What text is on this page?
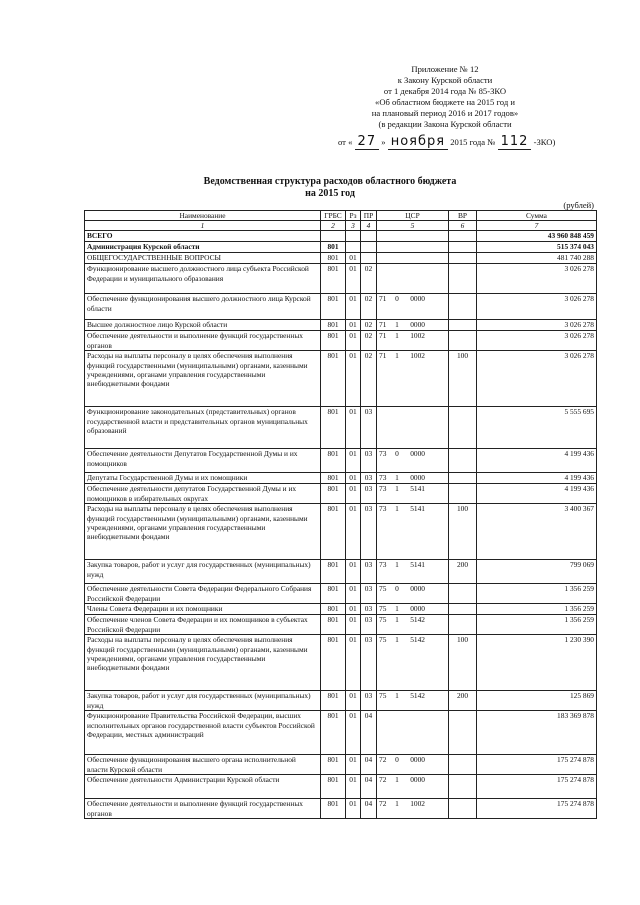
Приложение № 12
к Закону Курской области
от 1 декабря 2014 года № 85-ЗКО
«Об областном бюджете на 2015 год и
на плановый период 2016 и 2017 годов»
(в редакции Закона Курской области
от « 27 » ноября 2015 года № 112 -ЗКО)
Ведомственная структура расходов областного бюджета
на 2015 год
(рублей)
Наименование	ГРБС	Рз	ПР	ЦСР	ВР	Сумма
1	2	3	4	5	6	7
ВСЕГО						43 960 848 459
Администрация Курской области	801					515 374 043
ОБЩЕГОСУДАРСТВЕННЫЕ ВОПРОСЫ	801	01				481 740 288
Функционирование высшего должностного лица субъекта Российской Федерации и муниципального образования	801	01	02			3 026 278
Обеспечение функционирования высшего должностного лица Курской области	801	01	02	71 0 0000		3 026 278
Высшее должностное лицо Курской области	801	01	02	71 1 0000		3 026 278
Обеспечение деятельности и выполнение функций государственных органов	801	01	02	71 1 1002		3 026 278
Расходы на выплаты персоналу в целях обеспечения выполнения функций государственными (муниципальными) органами, казенными учреждениями, органами управления государственными внебюджетными фондами	801	01	02	71 1 1002	100	3 026 278
Функционирование законодательных (представительных) органов государственной власти и представительных органов муниципальных образований	801	01	03			5 555 695
Обеспечение деятельности Депутатов Государственной Думы и их помощников	801	01	03	73 0 0000		4 199 436
Депутаты Государственной Думы и их помощники	801	01	03	73 1 0000		4 199 436
Обеспечение деятельности депутатов Государственной Думы и их помощников в избирательных округах	801	01	03	73 1 5141		4 199 436
Расходы на выплаты персоналу в целях обеспечения выполнения функций государственными (муниципальными) органами, казенными учреждениями, органами управления государственными внебюджетными фондами	801	01	03	73 1 5141	100	3 400 367
Закупка товаров, работ и услуг для государственных (муниципальных) нужд	801	01	03	73 1 5141	200	799 069
Обеспечение деятельности Совета Федерации Федерального Собрания Российской Федерации	801	01	03	75 0 0000		1 356 259
Члены Совета Федерации и их помощники	801	01	03	75 1 0000		1 356 259
Обеспечение членов Совета Федерации и их помощников в субъектах Российской Федерации	801	01	03	75 1 5142		1 356 259
Расходы на выплаты персоналу в целях обеспечения выполнения функций государственными (муниципальными) органами, казенными учреждениями, органами управления государственными внебюджетными фондами	801	01	03	75 1 5142	100	1 230 390
Закупка товаров, работ и услуг для государственных (муниципальных) нужд	801	01	03	75 1 5142	200	125 869
Функционирование Правительства Российской Федерации, высших исполнительных органов государственной власти субъектов Российской Федерации, местных администраций	801	01	04			183 369 878
Обеспечение функционирования высшего органа исполнительной власти Курской области	801	01	04	72 0 0000		175 274 878
Обеспечение деятельности Администрации Курской области	801	01	04	72 1 0000		175 274 878
Обеспечение деятельности и выполнение функций государственных органов	801	01	04	72 1 1002		175 274 878
